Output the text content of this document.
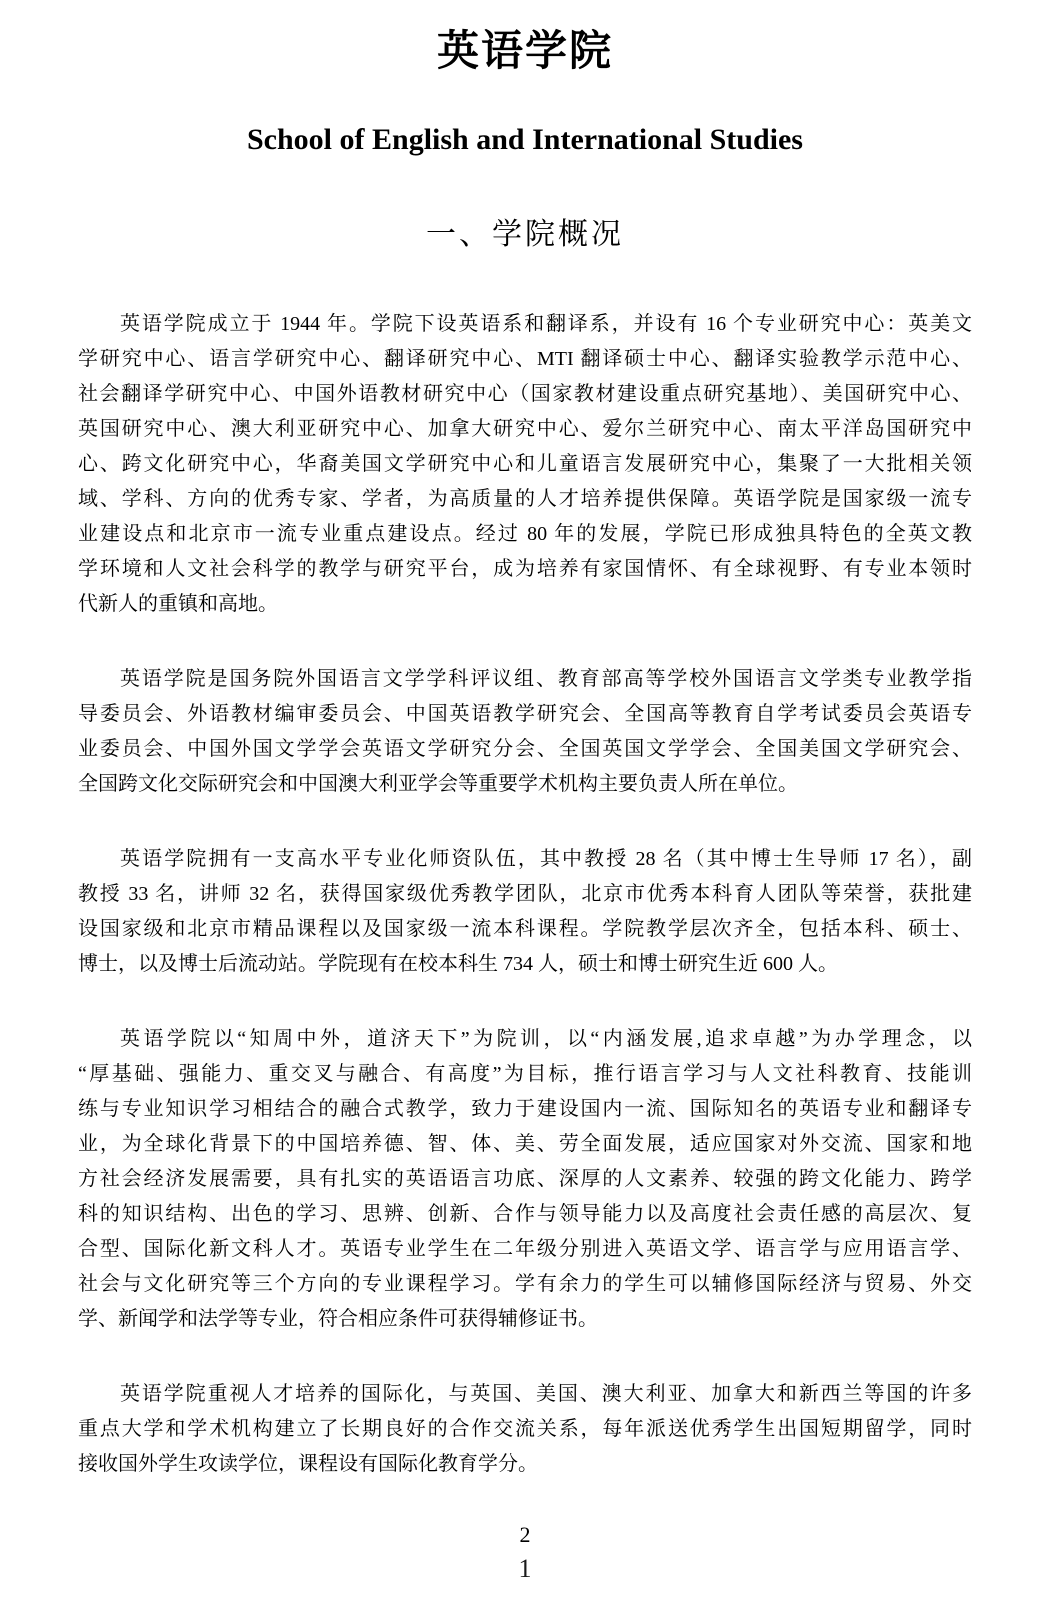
英语学院
School of English and International Studies
一、学院概况
英语学院成立于 1944 年。学院下设英语系和翻译系，并设有 16 个专业研究中心：英美文
学研究中心、语言学研究中心、翻译研究中心、MTI 翻译硕士中心、翻译实验教学示范中心、
社会翻译学研究中心、中国外语教材研究中心（国家教材建设重点研究基地）、美国研究中心、
英国研究中心、澳大利亚研究中心、加拿大研究中心、爱尔兰研究中心、南太平洋岛国研究中
心、跨文化研究中心，华裔美国文学研究中心和儿童语言发展研究中心，集聚了一大批相关领
域、学科、方向的优秀专家、学者，为高质量的人才培养提供保障。英语学院是国家级一流专
业建设点和北京市一流专业重点建设点。经过 80 年的发展，学院已形成独具特色的全英文教
学环境和人文社会科学的教学与研究平台，成为培养有家国情怀、有全球视野、有专业本领时
代新人的重镇和高地。
英语学院是国务院外国语言文学学科评议组、教育部高等学校外国语言文学类专业教学指
导委员会、外语教材编审委员会、中国英语教学研究会、全国高等教育自学考试委员会英语专
业委员会、中国外国文学学会英语文学研究分会、全国英国文学学会、全国美国文学研究会、
全国跨文化交际研究会和中国澳大利亚学会等重要学术机构主要负责人所在单位。
英语学院拥有一支高水平专业化师资队伍，其中教授 28 名（其中博士生导师 17 名），副
教授 33 名，讲师 32 名，获得国家级优秀教学团队，北京市优秀本科育人团队等荣誉，获批建
设国家级和北京市精品课程以及国家级一流本科课程。学院教学层次齐全，包括本科、硕士、
博士，以及博士后流动站。学院现有在校本科生 734 人，硕士和博士研究生近 600 人。
英语学院以“知周中外，道济天下”为院训，以“内涵发展,追求卓越”为办学理念，以
“厚基础、强能力、重交叉与融合、有高度”为目标，推行语言学习与人文社科教育、技能训
练与专业知识学习相结合的融合式教学，致力于建设国内一流、国际知名的英语专业和翻译专
业，为全球化背景下的中国培养德、智、体、美、劳全面发展，适应国家对外交流、国家和地
方社会经济发展需要，具有扎实的英语语言功底、深厚的人文素养、较强的跨文化能力、跨学
科的知识结构、出色的学习、思辨、创新、合作与领导能力以及高度社会责任感的高层次、复
合型、国际化新文科人才。英语专业学生在二年级分别进入英语文学、语言学与应用语言学、
社会与文化研究等三个方向的专业课程学习。学有余力的学生可以辅修国际经济与贸易、外交
学、新闻学和法学等专业，符合相应条件可获得辅修证书。
英语学院重视人才培养的国际化，与英国、美国、澳大利亚、加拿大和新西兰等国的许多
重点大学和学术机构建立了长期良好的合作交流关系，每年派送优秀学生出国短期留学，同时
接收国外学生攻读学位，课程设有国际化教育学分。
2
1
